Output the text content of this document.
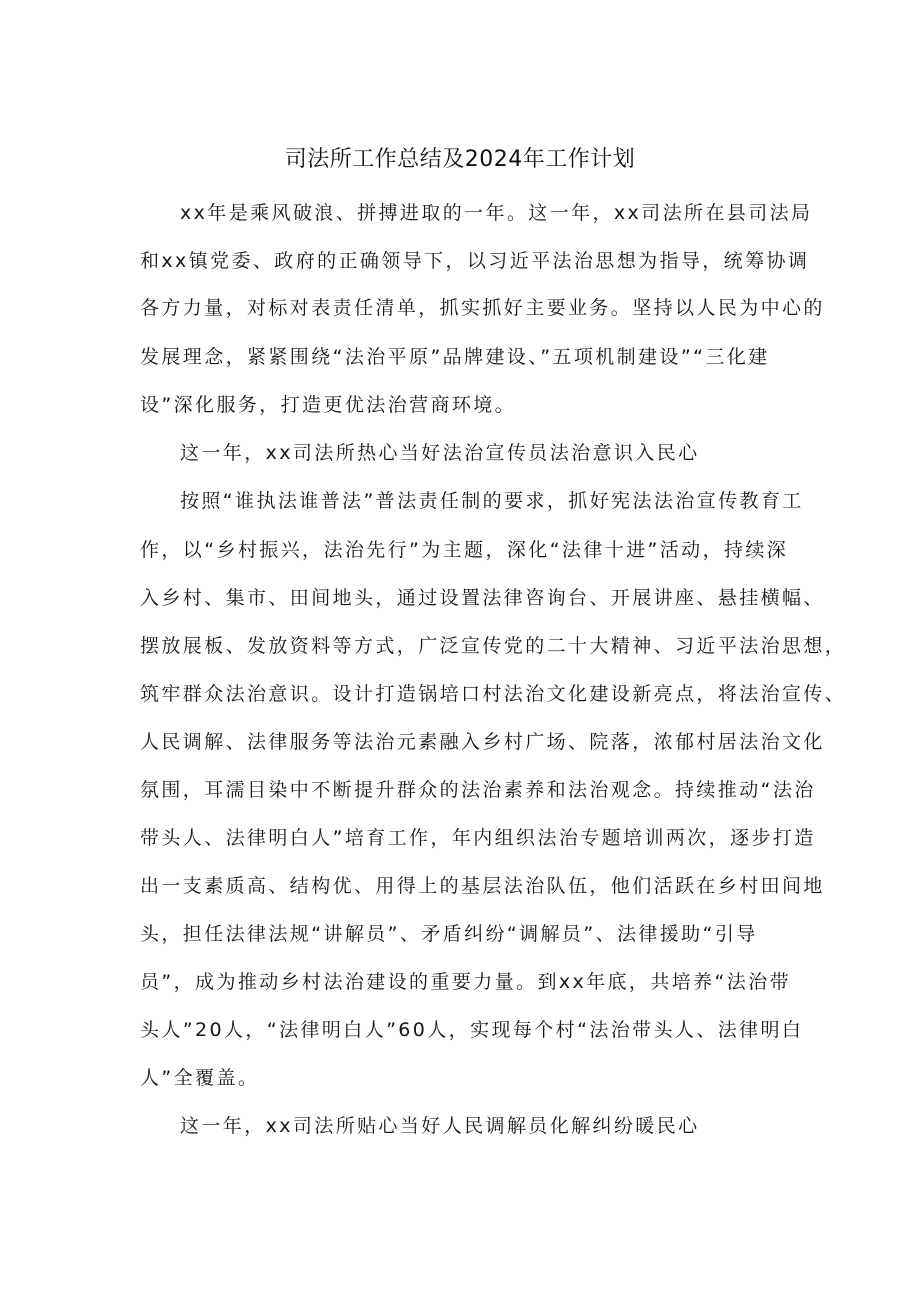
司法所工作总结及2024年工作计划

xx年是乘风破浪、拼搏进取的一年。这一年，xx司法所在县司法局

和xx镇党委、政府的正确领导下，以习近平法治思想为指导，统筹协调

各方力量，对标对表责任清单，抓实抓好主要业务。坚持以人民为中心的

发展理念，紧紧围绕“法治平原”品牌建设、”五项机制建设”“三化建

设”深化服务，打造更优法治营商环境。

这一年，xx司法所热心当好法治宣传员法治意识入民心

按照“谁执法谁普法”普法责任制的要求，抓好宪法法治宣传教育工

作，以“乡村振兴，法治先行”为主题，深化“法律十进”活动，持续深

入乡村、集市、田间地头，通过设置法律咨询台、开展讲座、悬挂横幅、

摆放展板、发放资料等方式，广泛宣传党的二十大精神、习近平法治思想，

筑牢群众法治意识。设计打造锅培口村法治文化建设新亮点，将法治宣传、

人民调解、法律服务等法治元素融入乡村广场、院落，浓郁村居法治文化

氛围，耳濡目染中不断提升群众的法治素养和法治观念。持续推动“法治

带头人、法律明白人”培育工作，年内组织法治专题培训两次，逐步打造

出一支素质高、结构优、用得上的基层法治队伍，他们活跃在乡村田间地

头，担任法律法规“讲解员”、矛盾纠纷“调解员”、法律援助“引导

员”，成为推动乡村法治建设的重要力量。到xx年底，共培养“法治带

头人”20人，“法律明白人”60人，实现每个村“法治带头人、法律明白

人”全覆盖。

这一年，xx司法所贴心当好人民调解员化解纠纷暖民心
